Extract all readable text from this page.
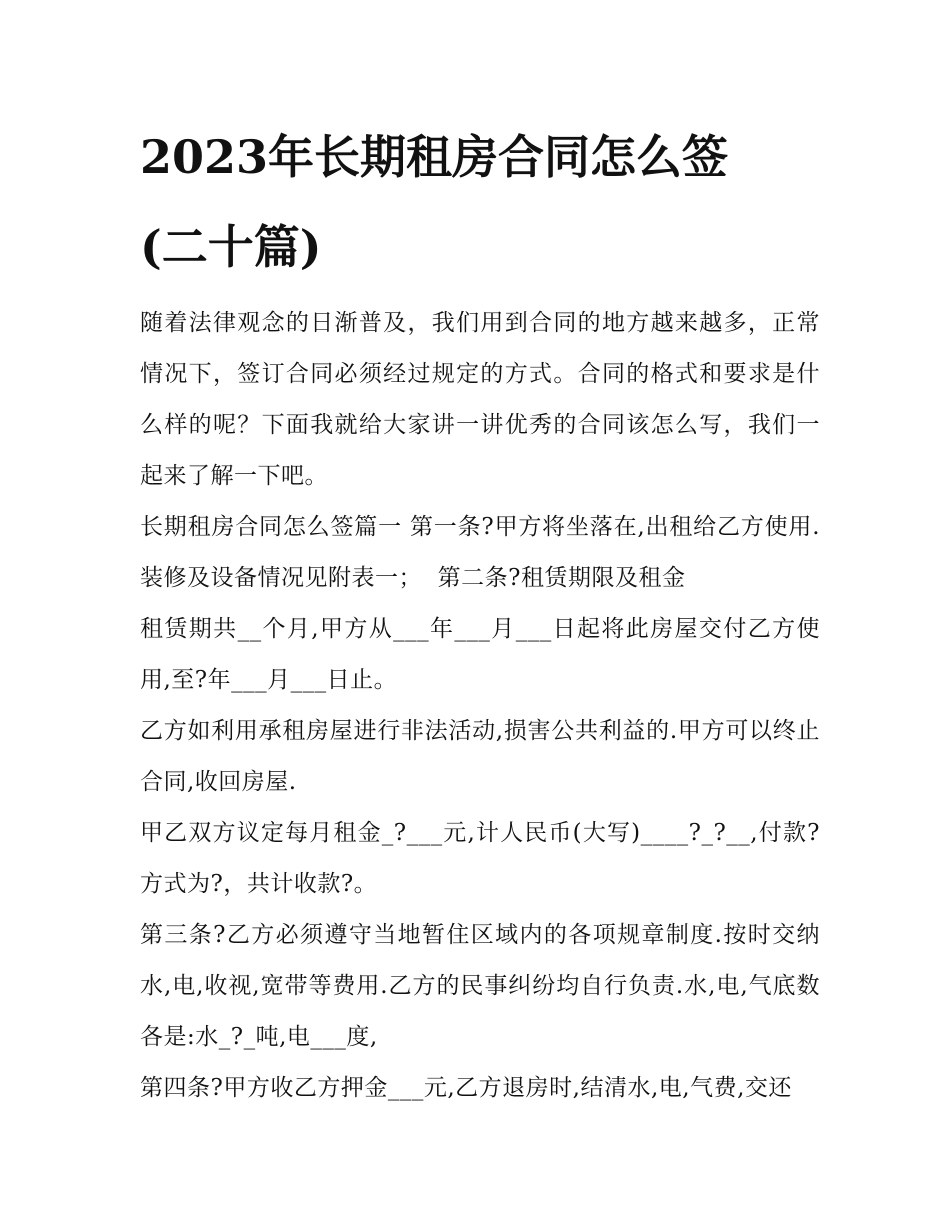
2023年长期租房合同怎么签
(二十篇)

随着法律观念的日渐普及，我们用到合同的地方越来越多，正常情况下，签订合同必须经过规定的方式。合同的格式和要求是什么样的呢？下面我就给大家讲一讲优秀的合同该怎么写，我们一起来了解一下吧。

长期租房合同怎么签篇一 第一条?甲方将坐落在,出租给乙方使用.装修及设备情况见附表一；  第二条?租赁期限及租金

租赁期共__个月,甲方从___年___月___日起将此房屋交付乙方使用,至?年___月___日止。

乙方如利用承租房屋进行非法活动,损害公共利益的.甲方可以终止合同,收回房屋.

甲乙双方议定每月租金_?___元,计人民币(大写)____?_?__,付款?方式为?，共计收款?。

第三条?乙方必须遵守当地暂住区域内的各项规章制度.按时交纳水,电,收视,宽带等费用.乙方的民事纠纷均自行负责.水,电,气底数各是:水_?_吨,电___度,

第四条?甲方收乙方押金___元,乙方退房时,结清水,电,气费,交还
